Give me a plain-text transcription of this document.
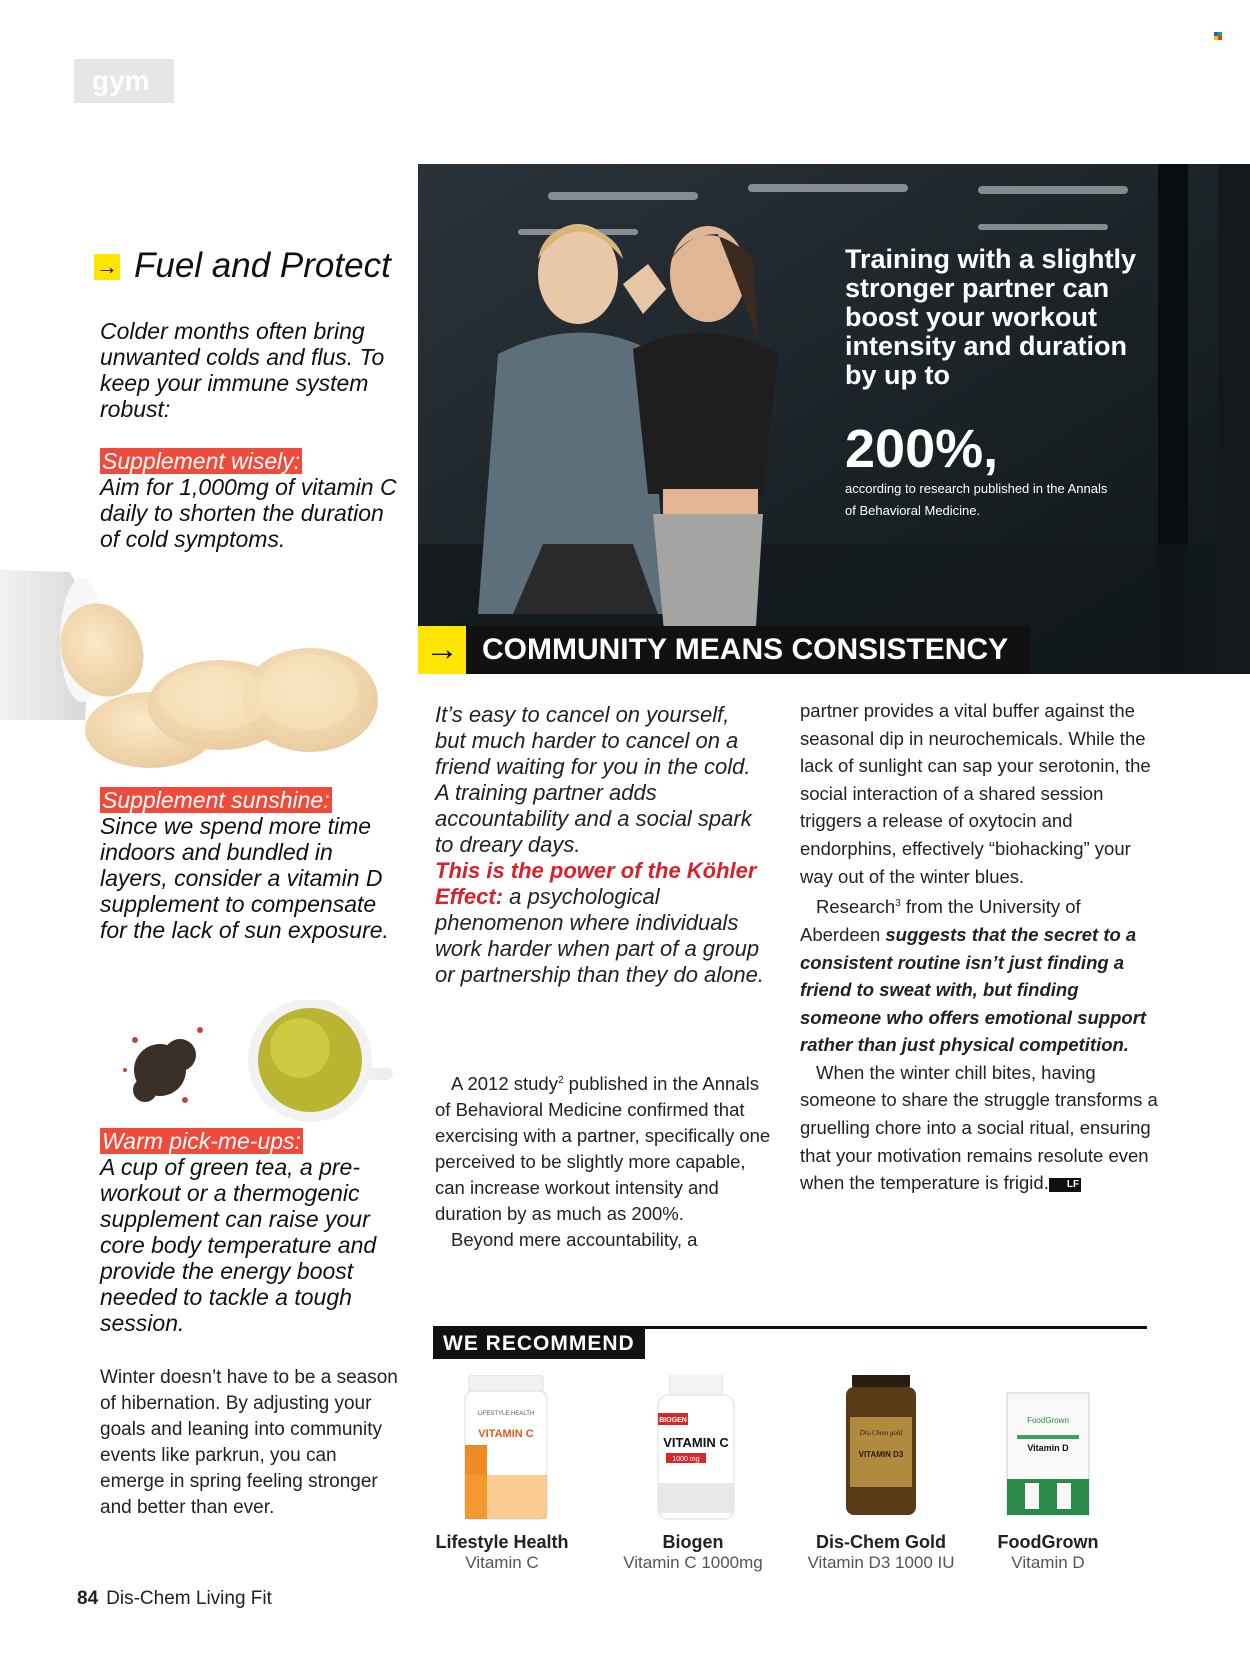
gym
→ Fuel and Protect
Colder months often bring unwanted colds and flus. To keep your immune system robust:
Supplement wisely:
Aim for 1,000mg of vitamin C daily to shorten the duration of cold symptoms.
Supplement sunshine:
Since we spend more time indoors and bundled in layers, consider a vitamin D supplement to compensate for the lack of sun exposure.
Warm pick-me-ups:
A cup of green tea, a pre-workout or a thermogenic supplement can raise your core body temperature and provide the energy boost needed to tackle a tough session.
Winter doesn’t have to be a season of hibernation. By adjusting your goals and leaning into community events like parkrun, you can emerge in spring feeling stronger and better than ever.
Training with a slightly stronger partner can boost your workout intensity and duration by up to
200%,
according to research published in the Annals of Behavioral Medicine.
→ COMMUNITY MEANS CONSISTENCY
It’s easy to cancel on yourself, but much harder to cancel on a friend waiting for you in the cold. A training partner adds accountability and a social spark to dreary days.
This is the power of the Köhler Effect: a psychological phenomenon where individuals work harder when part of a group or partnership than they do alone.

A 2012 study$^2$ published in the Annals of Behavioral Medicine confirmed that exercising with a partner, specifically one perceived to be slightly more capable, can increase workout intensity and duration by as much as 200%.

Beyond mere accountability, a

partner provides a vital buffer against the seasonal dip in neurochemicals. While the lack of sunlight can sap your serotonin, the social interaction of a shared session triggers a release of oxytocin and endorphins, effectively “biohacking” your way out of the winter blues.

Research$^3$ from the University of Aberdeen suggests that the secret to a consistent routine isn’t just finding a friend to sweat with, but finding someone who offers emotional support rather than just physical competition.

When the winter chill bites, having someone to share the struggle transforms a gruelling chore into a social ritual, ensuring that your motivation remains resolute even when the temperature is frigid. LF

WE RECOMMEND
LIFESTYLE HEALTH
VITAMIN C
Lifestyle Health
Vitamin C
BIOGEN
VITAMIN C
1000 mg
Biogen
Vitamin C 1000mg
Dis-Chem gold
VITAMIN D3
Dis-Chem Gold
Vitamin D3 1000 IU
FoodGrown
Vitamin D
FoodGrown
Vitamin D
84 Dis-Chem Living Fit
